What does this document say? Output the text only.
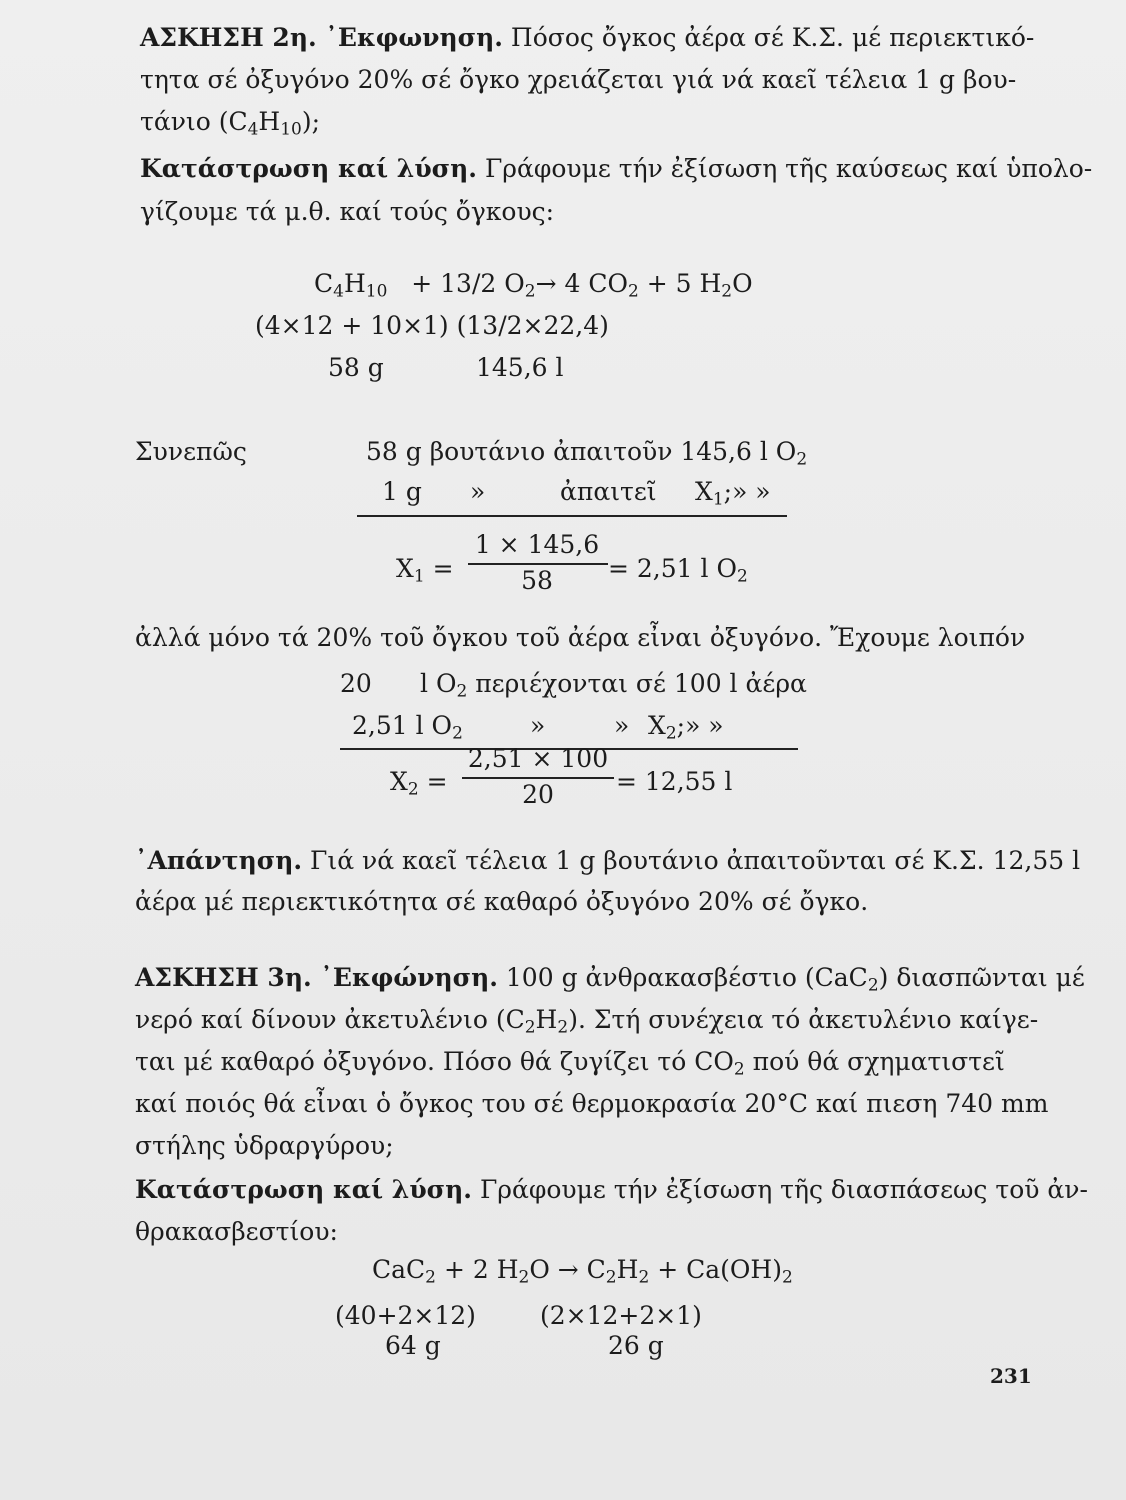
ΑΣΚΗΣΗ 2η. ᾿Εκφωνηση. Πόσος ὄγκος ἀέρα σέ Κ.Σ. μέ περιεκτικό-
τητα σέ ὀξυγόνο 20% σέ ὄγκο χρειάζεται γιά νά καεῖ τέλεια 1 g βου-
τάνιο $(C_4H_{10})$;
Κατάστρωση καί λύση. Γράφουμε τήν ἐξίσωση τῆς καύσεως καί ὑπολο-
γίζουμε τά μ.θ. καί τούς ὄγκους:
$C_4H_{10} + 13/2$ $O_2\to 4$ $CO_2 + 5$ $H_2O$
(4×12 + 10×1) (13/2×22,4)
58 g	145,6 l
Συνεπῶς	58 g βουτάνιο ἀπαιτοῦν 145,6 l $O_2$
1 g »	ἀπαιτεῖ $X_1$;» »
$X_1$ =
1 × 145,6
58	= 2,51 l $O_2$
ἀλλά μόνο τά 20% τοῦ ὄγκου τοῦ ἀέρα εἶναι ὀξυγόνο. Ἔχουμε λοιπόν
20 l $O_2$ περιέχονται σέ 100 l ἀέρα
2,51 l $O_2$	»	» $X_2$;» »
$X_2$ =
2,51 × 100
20	= 12,55 l
᾿Απάντηση. Γιά νά καεῖ τέλεια 1 g βουτάνιο ἀπαιτοῦνται σέ Κ.Σ. 12,55 l
ἀέρα μέ περιεκτικότητα σέ καθαρό ὀξυγόνο 20% σέ ὄγκο.
ΑΣΚΗΣΗ 3η. ᾿Εκφώνηση. 100 g ἀνθρακασβέστιο (CaC$_2$) διασπῶνται μέ
νερό καί δίνουν ἀκετυλένιο $(C_2H_2)$. Στή συνέχεια τό ἀκετυλένιο καίγε-
ται μέ καθαρό ὀξυγόνο. Πόσο θά ζυγίζει τό $CO_2$ πού θά σχηματιστεῖ
καί ποιός θά εἶναι ὁ ὄγκος του σέ θερμοκρασία 20°C καί πιεση 740 mm
στήλης ὑδραργύρου;
Κατάστρωση καί λύση. Γράφουμε τήν ἐξίσωση τῆς διασπάσεως τοῦ ἀν-
θρακασβεστίου:
CaC$_2$ + 2 $H_2O \to C_2H_2 + Ca(OH)_2$
(40+2×12)	(2×12+2×1)
64 g	26 g
231
